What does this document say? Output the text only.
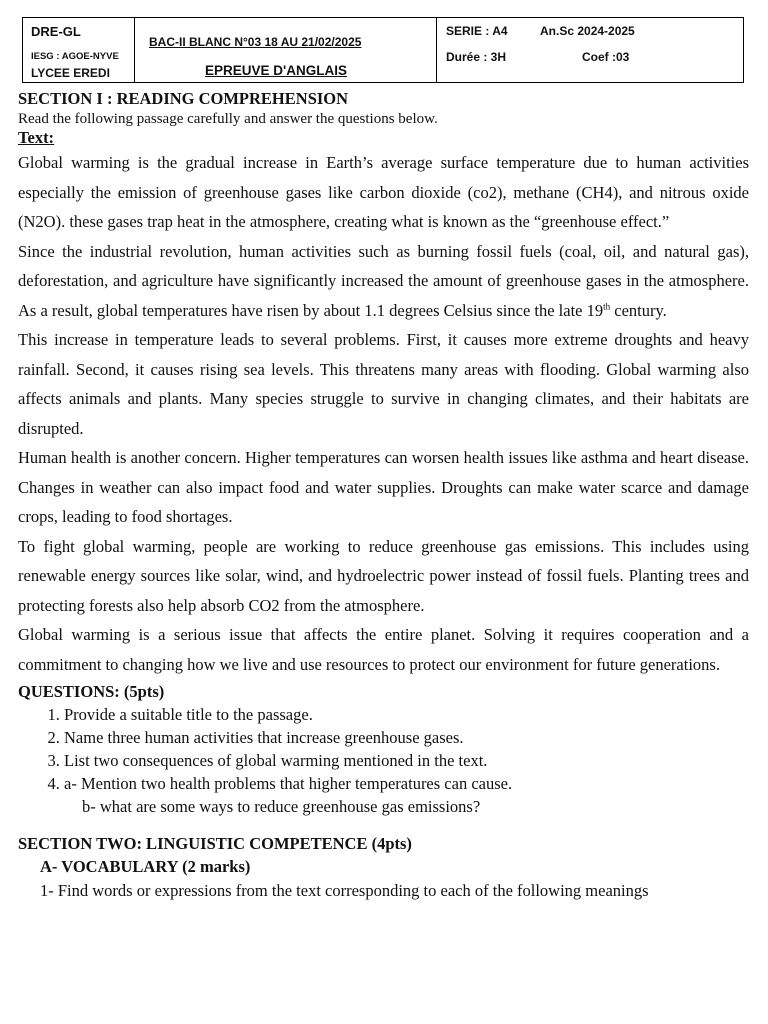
DRE-GL
IESG : AGOE-NYVE
LYCEE EREDI
BAC-II BLANC N°03 18 AU 21/02/2025
EPREUVE D'ANGLAIS
SERIE : A4	An.Sc 2024-2025
Durée : 3H	Coef :03
SECTION I : READING COMPREHENSION
Read the following passage carefully and answer the questions below.
Text:

Global warming is the gradual increase in Earth’s average surface temperature due to human activities especially the emission of greenhouse gases like carbon dioxide (co2), methane (CH4), and nitrous oxide (N2O). these gases trap heat in the atmosphere, creating what is known as the “greenhouse effect.”

Since the industrial revolution, human activities such as burning fossil fuels (coal, oil, and natural gas), deforestation, and agriculture have significantly increased the amount of greenhouse gases in the atmosphere. As a result, global temperatures have risen by about 1.1 degrees Celsius since the late 19th century.

This increase in temperature leads to several problems. First, it causes more extreme droughts and heavy rainfall. Second, it causes rising sea levels. This threatens many areas with flooding. Global warming also affects animals and plants. Many species struggle to survive in changing climates, and their habitats are disrupted.

Human health is another concern. Higher temperatures can worsen health issues like asthma and heart disease. Changes in weather can also impact food and water supplies. Droughts can make water scarce and damage crops, leading to food shortages.

To fight global warming, people are working to reduce greenhouse gas emissions. This includes using renewable energy sources like solar, wind, and hydroelectric power instead of fossil fuels. Planting trees and protecting forests also help absorb CO2 from the atmosphere.

Global warming is a serious issue that affects the entire planet. Solving it requires cooperation and a commitment to changing how we live and use resources to protect our environment for future generations.

QUESTIONS: (5pts)
1. Provide a suitable title to the passage.
2. Name three human activities that increase greenhouse gases.
3. List two consequences of global warming mentioned in the text.
4. a- Mention two health problems that higher temperatures can cause.
b- what are some ways to reduce greenhouse gas emissions?
SECTION TWO: LINGUISTIC COMPETENCE (4pts)
A- VOCABULARY (2 marks)
1- Find words or expressions from the text corresponding to each of the following meanings
